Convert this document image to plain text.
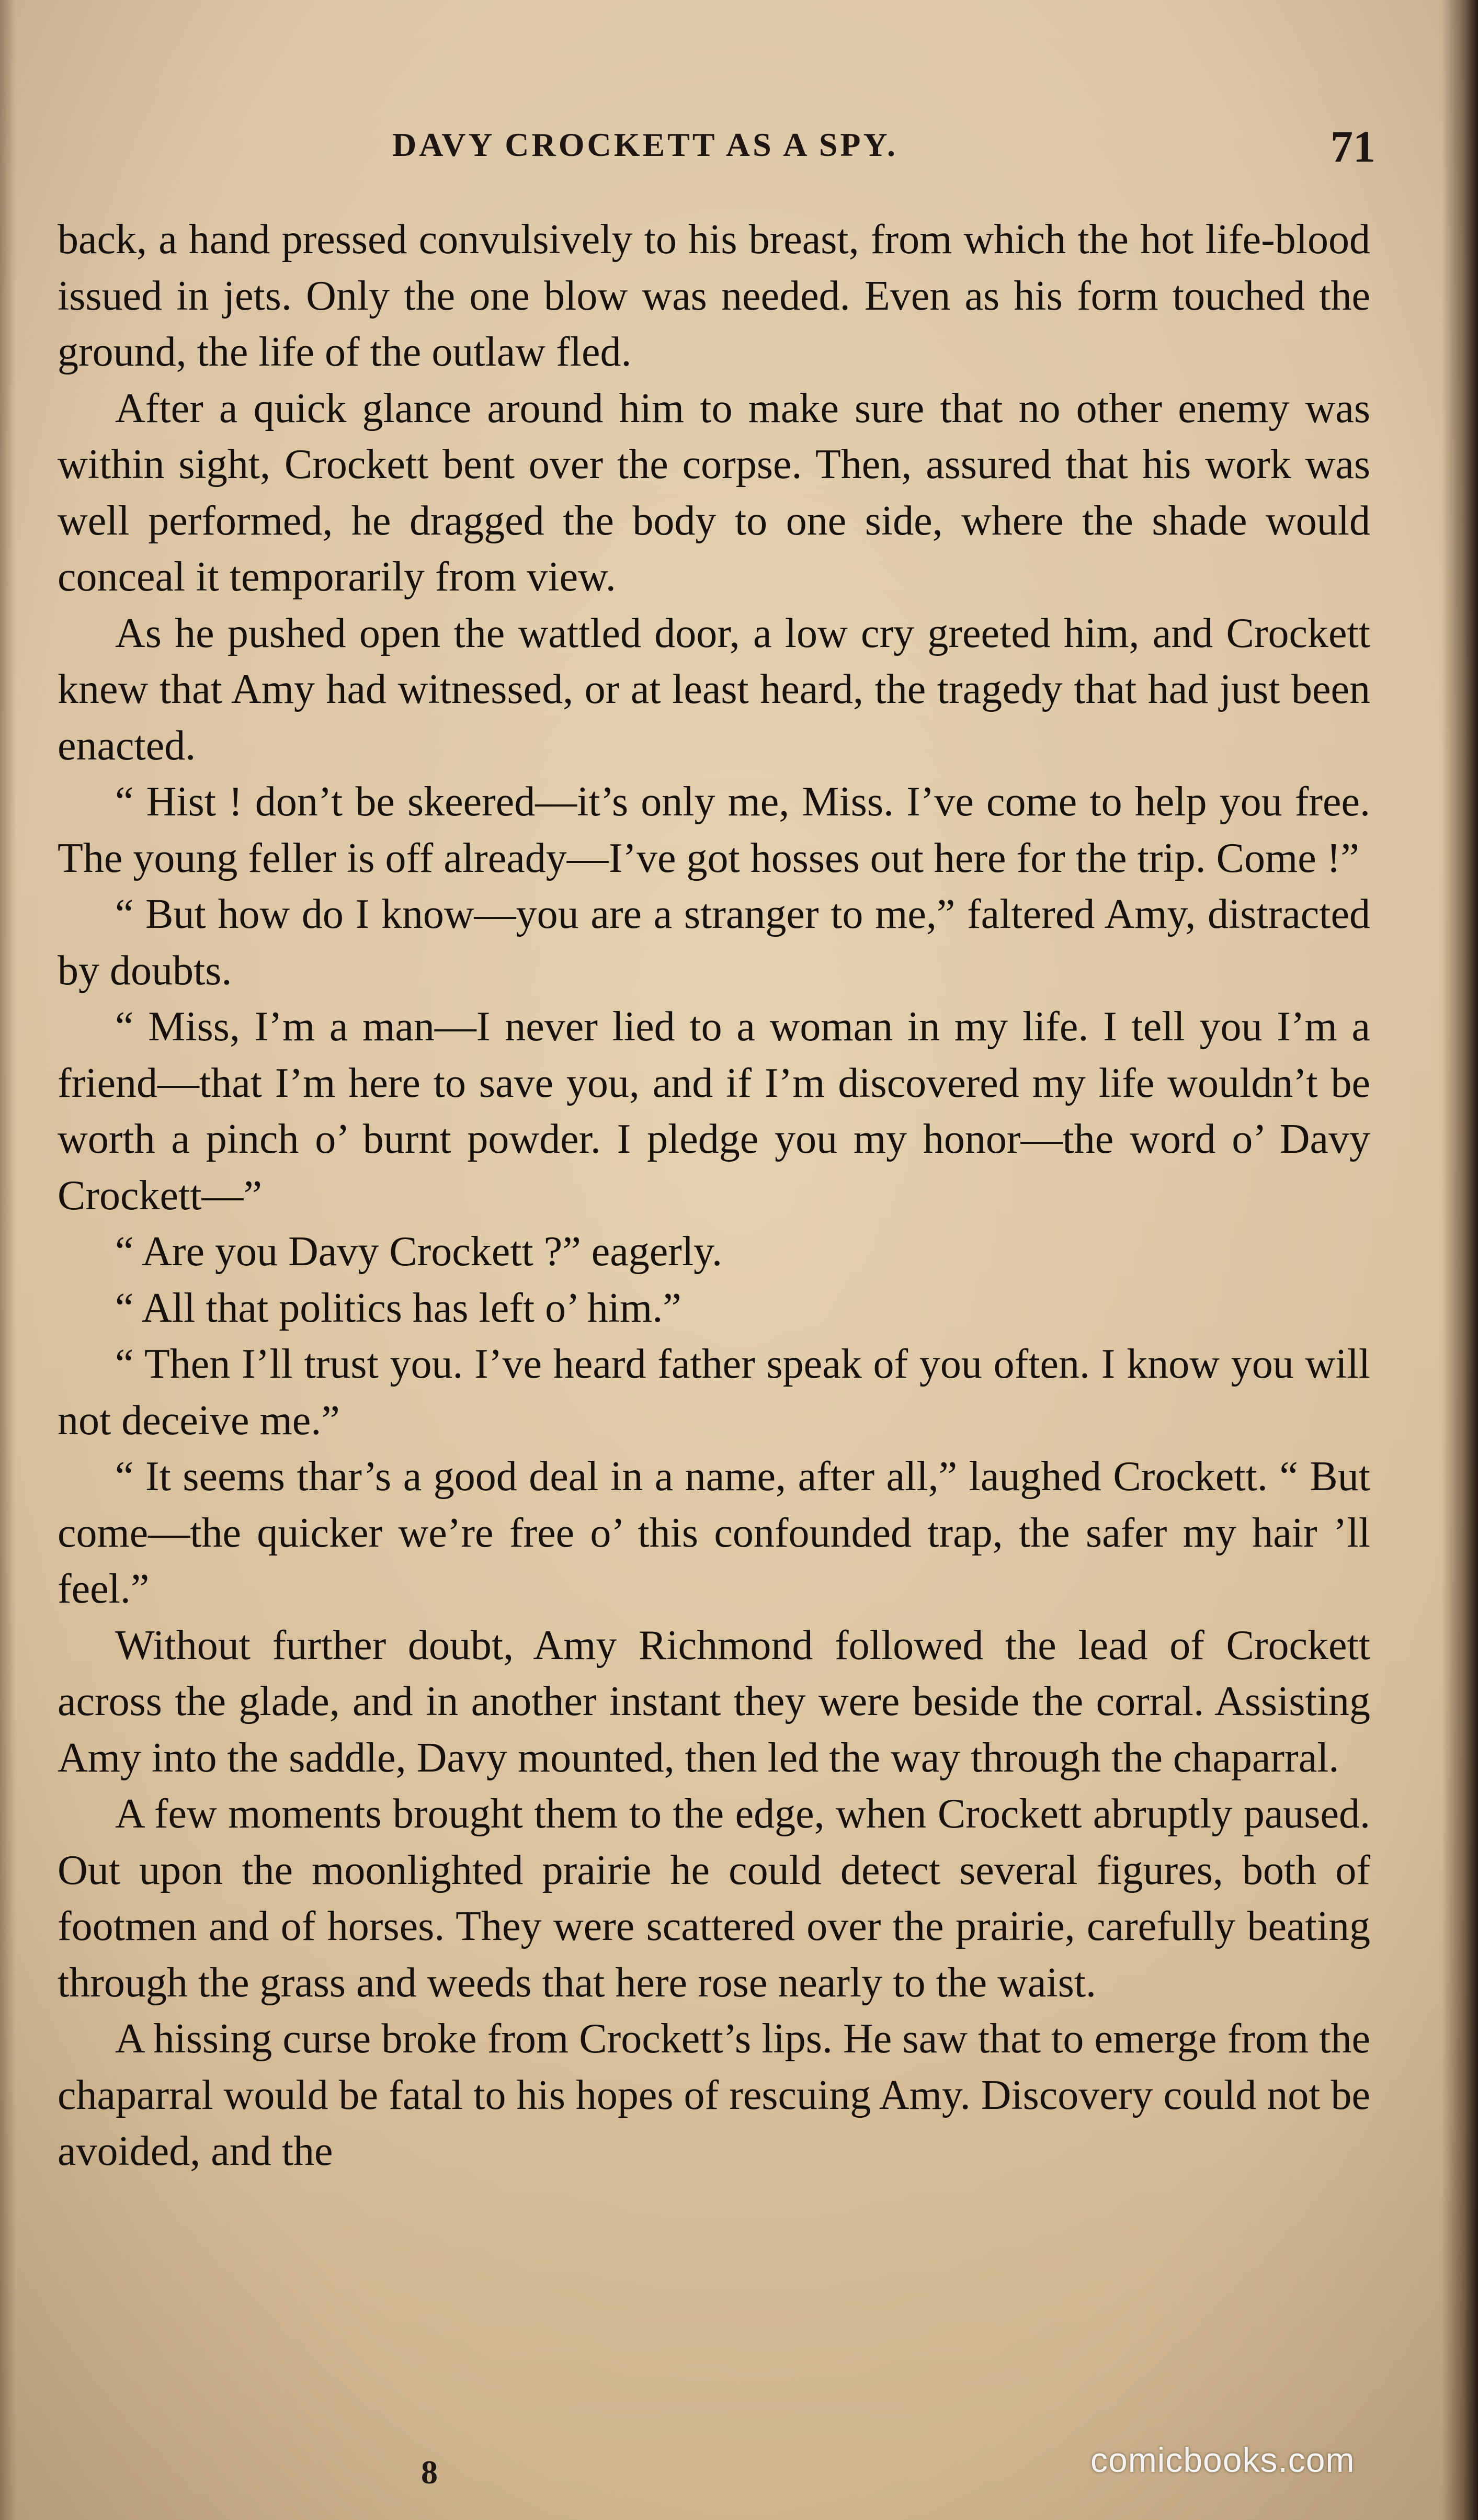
DAVY CROCKETT AS A SPY.	71

back, a hand pressed convulsively to his breast, from which the hot life-blood issued in jets. Only the one blow was needed. Even as his form touched the ground, the life of the outlaw fled.

After a quick glance around him to make sure that no other enemy was within sight, Crockett bent over the corpse. Then, assured that his work was well performed, he dragged the body to one side, where the shade would conceal it temporarily from view.

As he pushed open the wattled door, a low cry greeted him, and Crockett knew that Amy had witnessed, or at least heard, the tragedy that had just been enacted.

“ Hist ! don’t be skeered—it’s only me, Miss. I’ve come to help you free. The young feller is off already—I’ve got hosses out here for the trip. Come !”

“ But how do I know—you are a stranger to me,” faltered Amy, distracted by doubts.

“ Miss, I’m a man—I never lied to a woman in my life. I tell you I’m a friend—that I’m here to save you, and if I’m discovered my life wouldn’t be worth a pinch o’ burnt powder. I pledge you my honor—the word o’ Davy Crockett—”

“ Are you Davy Crockett ?” eagerly.

“ All that politics has left o’ him.”

“ Then I’ll trust you. I’ve heard father speak of you often. I know you will not deceive me.”

“ It seems thar’s a good deal in a name, after all,” laughed Crockett. “ But come—the quicker we’re free o’ this confounded trap, the safer my hair ’ll feel.”

Without further doubt, Amy Richmond followed the lead of Crockett across the glade, and in another instant they were beside the corral. Assisting Amy into the saddle, Davy mounted, then led the way through the chaparral.

A few moments brought them to the edge, when Crockett abruptly paused. Out upon the moonlighted prairie he could detect several figures, both of footmen and of horses. They were scattered over the prairie, carefully beating through the grass and weeds that here rose nearly to the waist.

A hissing curse broke from Crockett’s lips. He saw that to emerge from the chaparral would be fatal to his hopes of rescuing Amy. Discovery could not be avoided, and the

8	comicbooks.com
